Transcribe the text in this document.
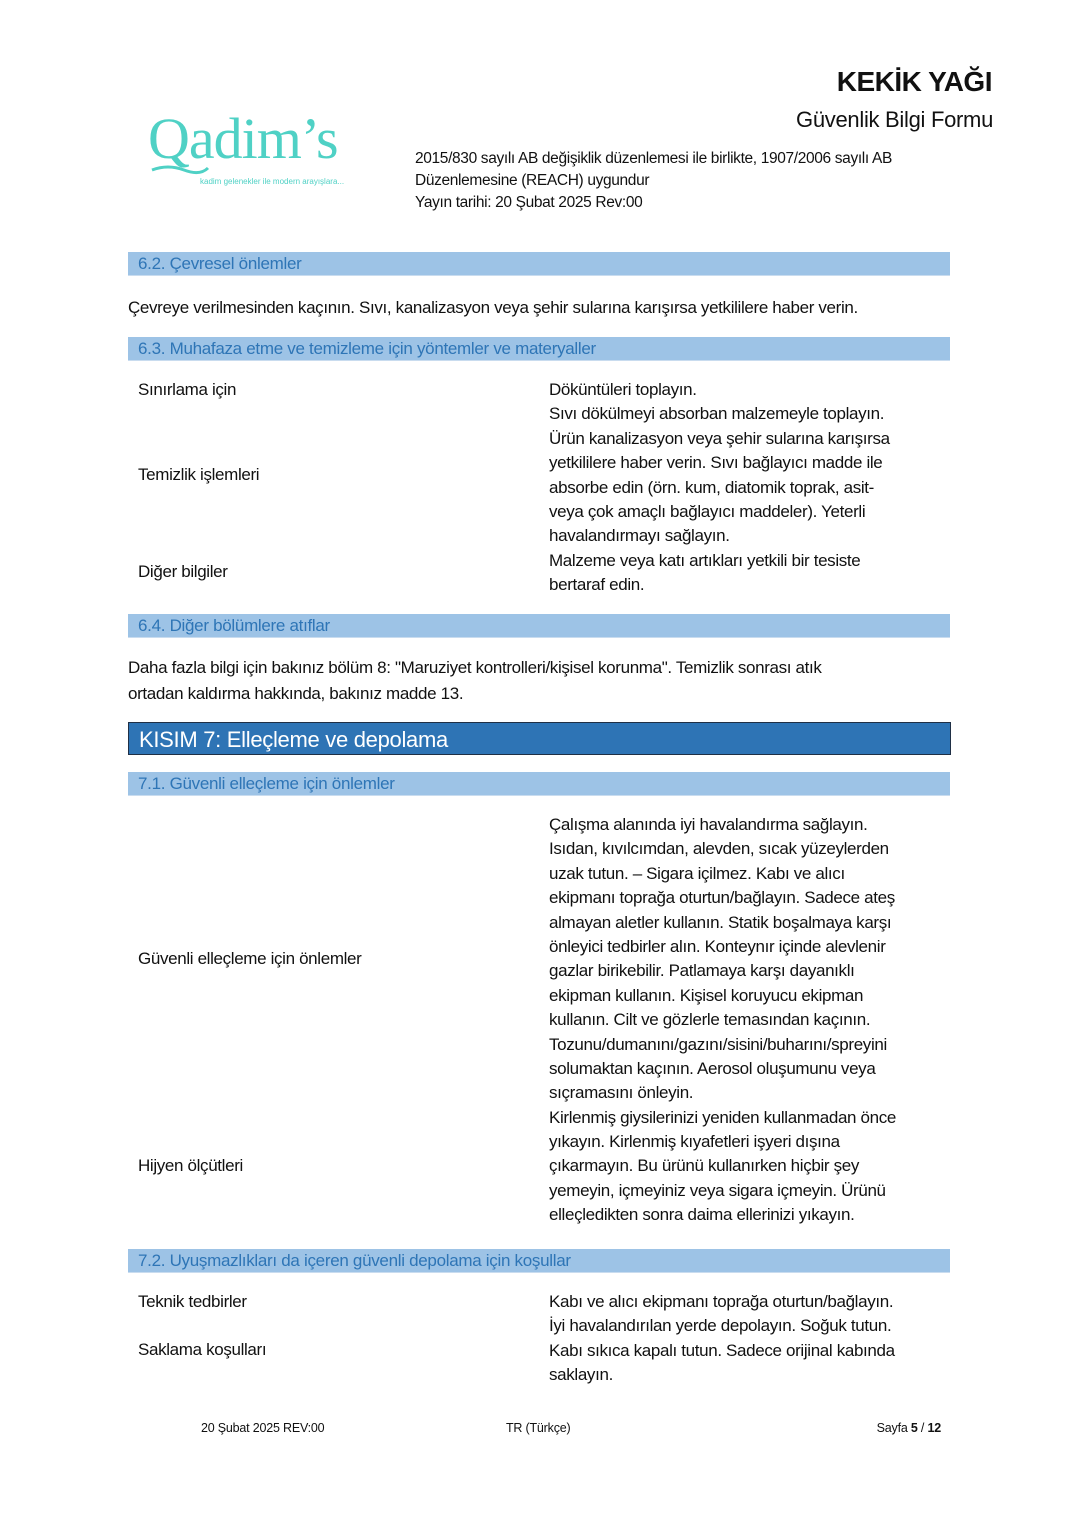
Qadim’s
kadim gelenekler ile modern arayışlara...
KEKİK YAĞI
Güvenlik Bilgi Formu
2015/830 sayılı AB değişiklik düzenlemesi ile birlikte, 1907/2006 sayılı AB
Düzenlemesine (REACH) uygundur
Yayın tarihi: 20 Şubat 2025 Rev:00
6.2. Çevresel önlemler
Çevreye verilmesinden kaçının. Sıvı, kanalizasyon veya şehir sularına karışırsa yetkililere haber verin.
6.3. Muhafaza etme ve temizleme için yöntemler ve materyaller
Sınırlama için
Temizlik işlemleri
Diğer bilgiler
Döküntüleri toplayın.
Sıvı dökülmeyi absorban malzemeyle toplayın.
Ürün kanalizasyon veya şehir sularına karışırsa
yetkililere haber verin. Sıvı bağlayıcı madde ile
absorbe edin (örn. kum, diatomik toprak, asit-
veya çok amaçlı bağlayıcı maddeler). Yeterli
havalandırmayı sağlayın.
Malzeme veya katı artıkları yetkili bir tesiste
bertaraf edin.
6.4. Diğer bölümlere atıflar
Daha fazla bilgi için bakınız bölüm 8: "Maruziyet kontrolleri/kişisel korunma". Temizlik sonrası atık
ortadan kaldırma hakkında, bakınız madde 13.
KISIM 7: Elleçleme ve depolama
7.1. Güvenli elleçleme için önlemler
Güvenli elleçleme için önlemler
Hijyen ölçütleri
Çalışma alanında iyi havalandırma sağlayın.
Isıdan, kıvılcımdan, alevden, sıcak yüzeylerden
uzak tutun. – Sigara içilmez. Kabı ve alıcı
ekipmanı toprağa oturtun/bağlayın. Sadece ateş
almayan aletler kullanın. Statik boşalmaya karşı
önleyici tedbirler alın. Konteynır içinde alevlenir
gazlar birikebilir. Patlamaya karşı dayanıklı
ekipman kullanın. Kişisel koruyucu ekipman
kullanın. Cilt ve gözlerle temasından kaçının.
Tozunu/dumanını/gazını/sisini/buharını/spreyini
solumaktan kaçının. Aerosol oluşumunu veya
sıçramasını önleyin.
Kirlenmiş giysilerinizi yeniden kullanmadan önce
yıkayın. Kirlenmiş kıyafetleri işyeri dışına
çıkarmayın. Bu ürünü kullanırken hiçbir şey
yemeyin, içmeyiniz veya sigara içmeyin. Ürünü
elleçledikten sonra daima ellerinizi yıkayın.
7.2. Uyuşmazlıkları da içeren güvenli depolama için koşullar
Teknik tedbirler
Saklama koşulları
Kabı ve alıcı ekipmanı toprağa oturtun/bağlayın.
İyi havalandırılan yerde depolayın. Soğuk tutun.
Kabı sıkıca kapalı tutun. Sadece orijinal kabında
saklayın.
20 Şubat 2025 REV:00	TR (Türkçe)	Sayfa 5 / 12
